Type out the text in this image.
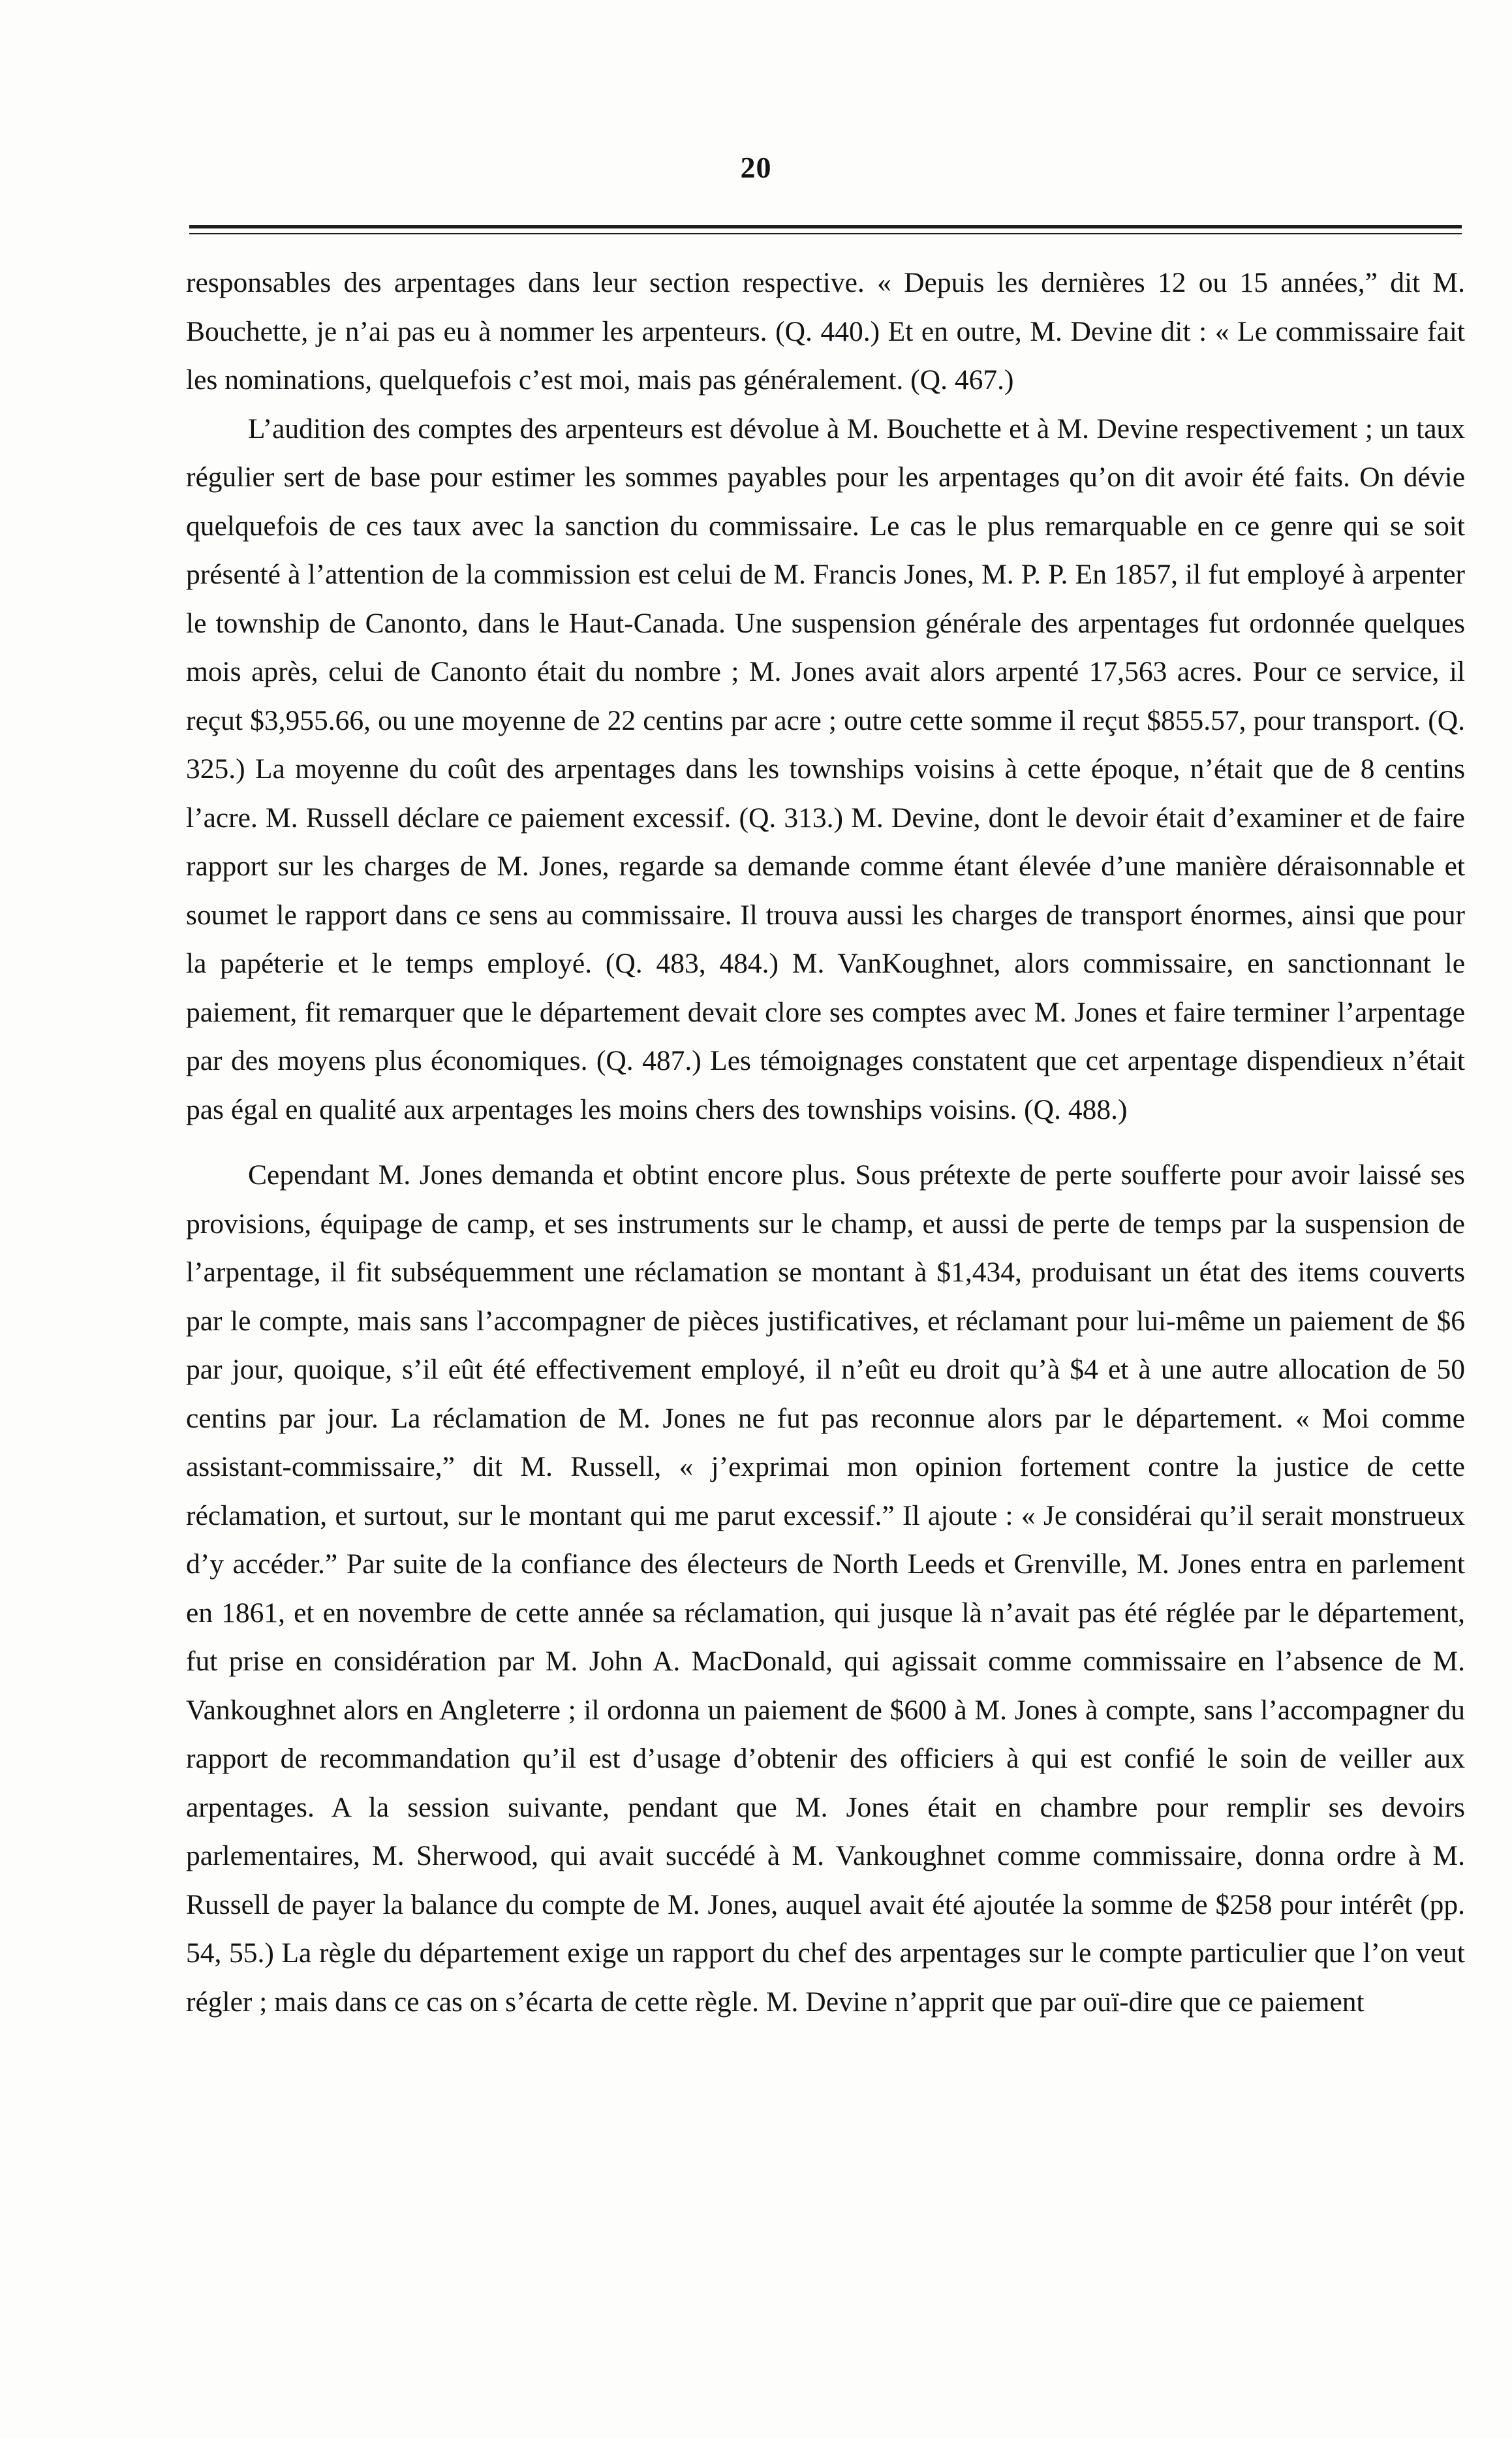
20

responsables des arpentages dans leur section respective. « Depuis les dernières 12 ou 15 années,” dit M. Bouchette, je n’ai pas eu à nommer les arpenteurs. (Q. 440.) Et en outre, M. Devine dit : « Le commissaire fait les nominations, quelquefois c’est moi, mais pas généralement. (Q. 467.)

L’audition des comptes des arpenteurs est dévolue à M. Bouchette et à M. Devine respectivement ; un taux régulier sert de base pour estimer les sommes payables pour les arpentages qu’on dit avoir été faits. On dévie quelquefois de ces taux avec la sanction du commissaire. Le cas le plus remarquable en ce genre qui se soit présenté à l’attention de la commission est celui de M. Francis Jones, M. P. P. En 1857, il fut employé à arpenter le township de Canonto, dans le Haut-Canada. Une suspension générale des arpentages fut ordonnée quelques mois après, celui de Canonto était du nombre ; M. Jones avait alors arpenté 17,563 acres. Pour ce service, il reçut $3,955.66, ou une moyenne de 22 centins par acre ; outre cette somme il reçut $855.57, pour transport. (Q. 325.) La moyenne du coût des arpentages dans les townships voisins à cette époque, n’était que de 8 centins l’acre. M. Russell déclare ce paiement excessif. (Q. 313.) M. Devine, dont le devoir était d’examiner et de faire rapport sur les charges de M. Jones, regarde sa demande comme étant élevée d’une manière déraisonnable et soumet le rapport dans ce sens au commissaire. Il trouva aussi les charges de transport énormes, ainsi que pour la papéterie et le temps employé. (Q. 483, 484.) M. VanKoughnet, alors commissaire, en sanctionnant le paiement, fit remarquer que le département devait clore ses comptes avec M. Jones et faire terminer l’arpentage par des moyens plus économiques. (Q. 487.) Les témoignages constatent que cet arpentage dispendieux n’était pas égal en qualité aux arpentages les moins chers des townships voisins. (Q. 488.)

Cependant M. Jones demanda et obtint encore plus. Sous prétexte de perte soufferte pour avoir laissé ses provisions, équipage de camp, et ses instruments sur le champ, et aussi de perte de temps par la suspension de l’arpentage, il fit subséquemment une réclamation se montant à $1,434, produisant un état des items couverts par le compte, mais sans l’accompagner de pièces justificatives, et réclamant pour lui-même un paiement de $6 par jour, quoique, s’il eût été effectivement employé, il n’eût eu droit qu’à $4 et à une autre allocation de 50 centins par jour. La réclamation de M. Jones ne fut pas reconnue alors par le département. « Moi comme assistant-commissaire,” dit M. Russell, « j’exprimai mon opinion fortement contre la justice de cette réclamation, et surtout, sur le montant qui me parut excessif.” Il ajoute : « Je considérai qu’il serait monstrueux d’y accéder.” Par suite de la confiance des électeurs de North Leeds et Grenville, M. Jones entra en parlement en 1861, et en novembre de cette année sa réclamation, qui jusque là n’avait pas été réglée par le département, fut prise en considération par M. John A. MacDonald, qui agissait comme commissaire en l’absence de M. Vankoughnet alors en Angleterre ; il ordonna un paiement de $600 à M. Jones à compte, sans l’accompagner du rapport de recommandation qu’il est d’usage d’obtenir des officiers à qui est confié le soin de veiller aux arpentages. A la session suivante, pendant que M. Jones était en chambre pour remplir ses devoirs parlementaires, M. Sherwood, qui avait succédé à M. Vankoughnet comme commissaire, donna ordre à M. Russell de payer la balance du compte de M. Jones, auquel avait été ajoutée la somme de $258 pour intérêt (pp. 54, 55.) La règle du département exige un rapport du chef des arpentages sur le compte particulier que l’on veut régler ; mais dans ce cas on s’écarta de cette règle. M. Devine n’apprit que par ouï-dire que ce paiement
